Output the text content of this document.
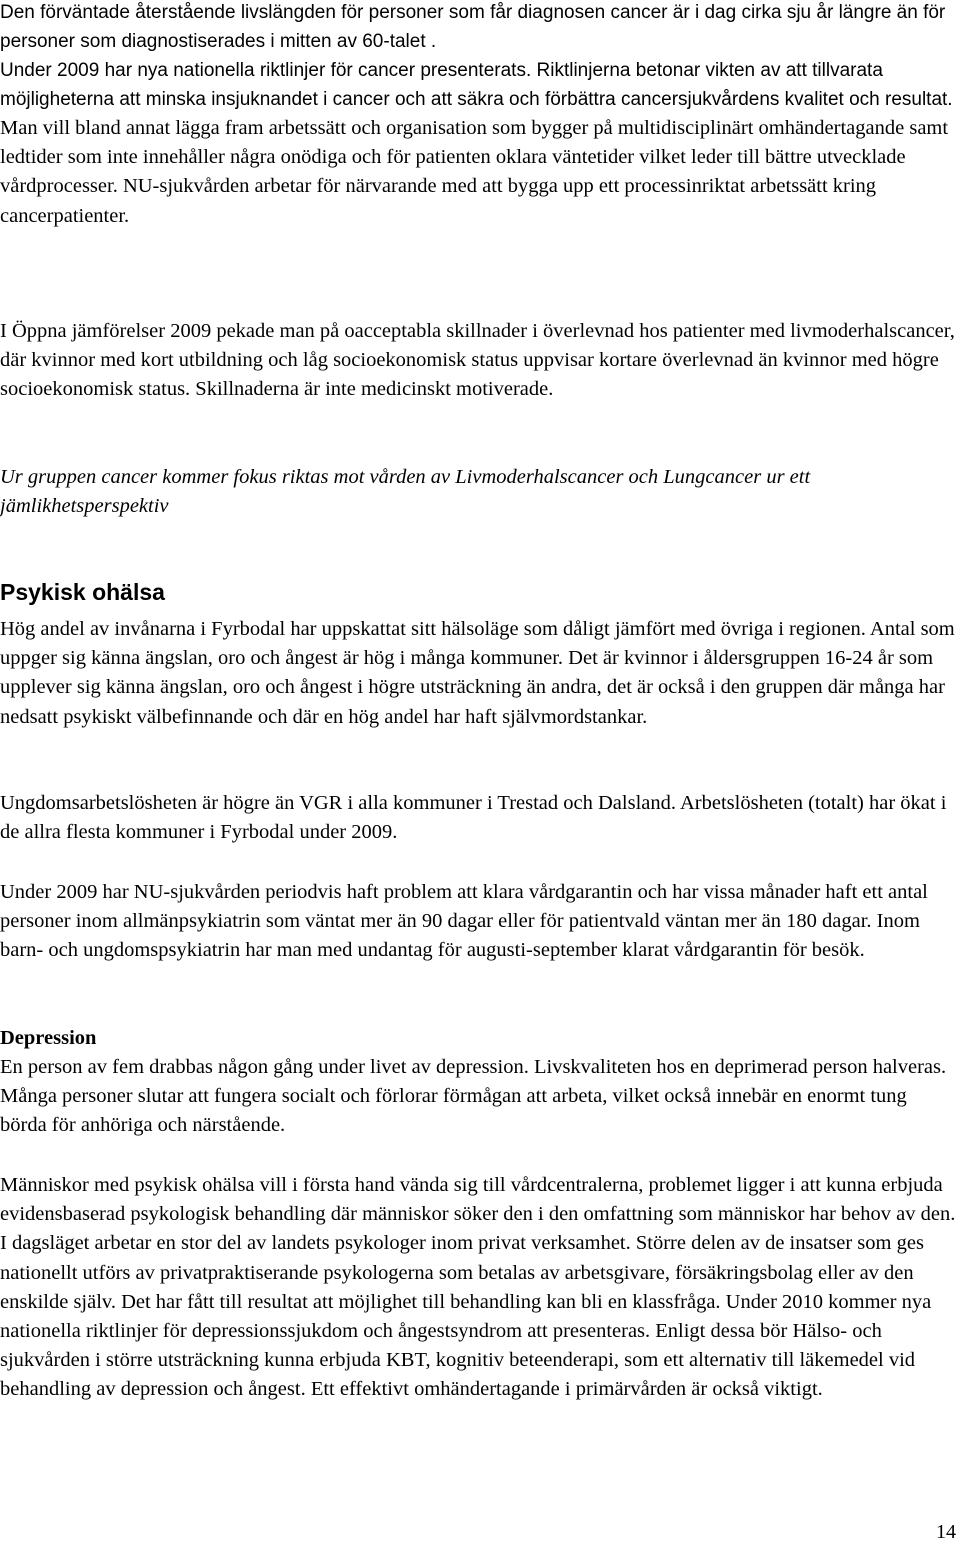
Den förväntade återstående livslängden för personer som får diagnosen cancer är i dag cirka sju år längre än för personer som diagnostiserades i mitten av 60-talet .

Under 2009 har nya nationella riktlinjer för cancer presenterats. Riktlinjerna betonar vikten av att tillvarata möjligheterna att minska insjuknandet i cancer och att säkra och förbättra cancersjukvårdens kvalitet och resultat. Man vill bland annat lägga fram arbetssätt och organisation som bygger på multidisciplinärt omhändertagande samt ledtider som inte innehåller några onödiga och för patienten oklara väntetider vilket leder till bättre utvecklade vårdprocesser. NU-sjukvården arbetar för närvarande med att bygga upp ett processinriktat arbetssätt kring cancerpatienter.

I Öppna jämförelser 2009 pekade man på oacceptabla skillnader i överlevnad hos patienter med livmoderhalscancer, där kvinnor med kort utbildning och låg socioekonomisk status uppvisar kortare överlevnad än kvinnor med högre socioekonomisk status. Skillnaderna är inte medicinskt motiverade.

Ur gruppen cancer kommer fokus riktas mot vården av Livmoderhalscancer och Lungcancer ur ett jämlikhetsperspektiv

Psykisk ohälsa

Hög andel av invånarna i Fyrbodal har uppskattat sitt hälsoläge som dåligt jämfört med övriga i regionen. Antal som uppger sig känna ängslan, oro och ångest är hög i många kommuner. Det är kvinnor i åldersgruppen 16-24 år som upplever sig känna ängslan, oro och ångest i högre utsträckning än andra, det är också i den gruppen där många har nedsatt psykiskt välbefinnande och där en hög andel har haft självmordstankar.

Ungdomsarbetslösheten är högre än VGR i alla kommuner i Trestad och Dalsland. Arbetslösheten (totalt) har ökat i de allra flesta kommuner i Fyrbodal under 2009.

Under 2009 har NU-sjukvården periodvis haft problem att klara vårdgarantin och har vissa månader haft ett antal personer inom allmänpsykiatrin som väntat mer än 90 dagar eller för patientvald väntan mer än 180 dagar. Inom barn- och ungdomspsykiatrin har man med undantag för augusti-september klarat vårdgarantin för besök.

Depression

En person av fem drabbas någon gång under livet av depression. Livskvaliteten hos en deprimerad person halveras. Många personer slutar att fungera socialt och förlorar förmågan att arbeta, vilket också innebär en enormt tung börda för anhöriga och närstående.

Människor med psykisk ohälsa vill i första hand vända sig till vårdcentralerna, problemet ligger i att kunna erbjuda evidensbaserad psykologisk behandling där människor söker den i den omfattning som människor har behov av den. I dagsläget arbetar en stor del av landets psykologer inom privat verksamhet. Större delen av de insatser som ges nationellt utförs av privatpraktiserande psykologerna som betalas av arbetsgivare, försäkringsbolag eller av den enskilde själv. Det har fått till resultat att möjlighet till behandling kan bli en klassfråga. Under 2010 kommer nya nationella riktlinjer för depressionssjukdom och ångestsyndrom att presenteras. Enligt dessa bör Hälso- och sjukvården i större utsträckning kunna erbjuda KBT, kognitiv beteenderapi, som ett alternativ till läkemedel vid behandling av depression och ångest. Ett effektivt omhändertagande i primärvården är också viktigt.

14
